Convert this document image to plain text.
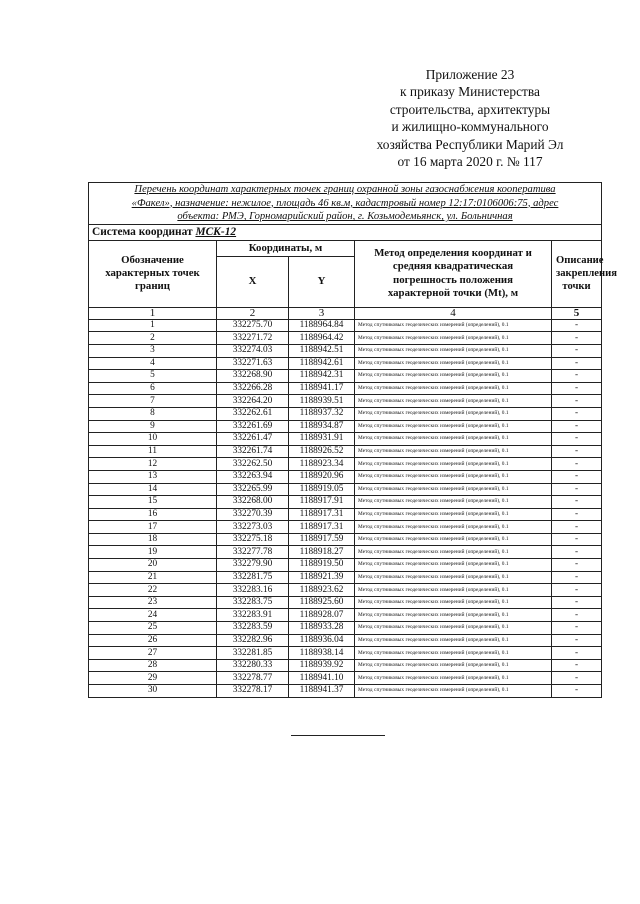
Приложение 23
к приказу Министерства
строительства, архитектуры
и жилищно-коммунального
хозяйства Республики Марий Эл
от 16 марта 2020 г. № 117
Перечень координат характерных точек границ охранной зоны газоснабжения кооператива
«Факел», назначение: нежилое, площадь 46 кв.м, кадастровый номер 12:17:0106006:75, адрес
объекта: РМЭ, Горномарийский район, г. Козьмодемьянск, ул. Больничная				

Система координат МСК-12				
Обозначение характерных точек границ	Координаты, м		Метод определения координат и средняя квадратическая погрешность положения характерной точки (Mt), м	Описание закрепления точки
	X	Y		
1	2	3	4	5
1	332275.70	1188964.84	Метод спутниковых геодезических измерений (определений), 0.1	-
2	332271.72	1188964.42	Метод спутниковых геодезических измерений (определений), 0.1	-
3	332274.03	1188942.51	Метод спутниковых геодезических измерений (определений), 0.1	-
4	332271.63	1188942.61	Метод спутниковых геодезических измерений (определений), 0.1	-
5	332268.90	1188942.31	Метод спутниковых геодезических измерений (определений), 0.1	-
6	332266.28	1188941.17	Метод спутниковых геодезических измерений (определений), 0.1	-
7	332264.20	1188939.51	Метод спутниковых геодезических измерений (определений), 0.1	-
8	332262.61	1188937.32	Метод спутниковых геодезических измерений (определений), 0.1	-
9	332261.69	1188934.87	Метод спутниковых геодезических измерений (определений), 0.1	-
10	332261.47	1188931.91	Метод спутниковых геодезических измерений (определений), 0.1	-
11	332261.74	1188926.52	Метод спутниковых геодезических измерений (определений), 0.1	-
12	332262.50	1188923.34	Метод спутниковых геодезических измерений (определений), 0.1	-
13	332263.94	1188920.96	Метод спутниковых геодезических измерений (определений), 0.1	-
14	332265.99	1188919.05	Метод спутниковых геодезических измерений (определений), 0.1	-
15	332268.00	1188917.91	Метод спутниковых геодезических измерений (определений), 0.1	-
16	332270.39	1188917.31	Метод спутниковых геодезических измерений (определений), 0.1	-
17	332273.03	1188917.31	Метод спутниковых геодезических измерений (определений), 0.1	-
18	332275.18	1188917.59	Метод спутниковых геодезических измерений (определений), 0.1	-
19	332277.78	1188918.27	Метод спутниковых геодезических измерений (определений), 0.1	-
20	332279.90	1188919.50	Метод спутниковых геодезических измерений (определений), 0.1	-
21	332281.75	1188921.39	Метод спутниковых геодезических измерений (определений), 0.1	-
22	332283.16	1188923.62	Метод спутниковых геодезических измерений (определений), 0.1	-
23	332283.75	1188925.60	Метод спутниковых геодезических измерений (определений), 0.1	-
24	332283.91	1188928.07	Метод спутниковых геодезических измерений (определений), 0.1	-
25	332283.59	1188933.28	Метод спутниковых геодезических измерений (определений), 0.1	-
26	332282.96	1188936.04	Метод спутниковых геодезических измерений (определений), 0.1	-
27	332281.85	1188938.14	Метод спутниковых геодезических измерений (определений), 0.1	-
28	332280.33	1188939.92	Метод спутниковых геодезических измерений (определений), 0.1	-
29	332278.77	1188941.10	Метод спутниковых геодезических измерений (определений), 0.1	-
30	332278.17	1188941.37	Метод спутниковых геодезических измерений (определений), 0.1	-
